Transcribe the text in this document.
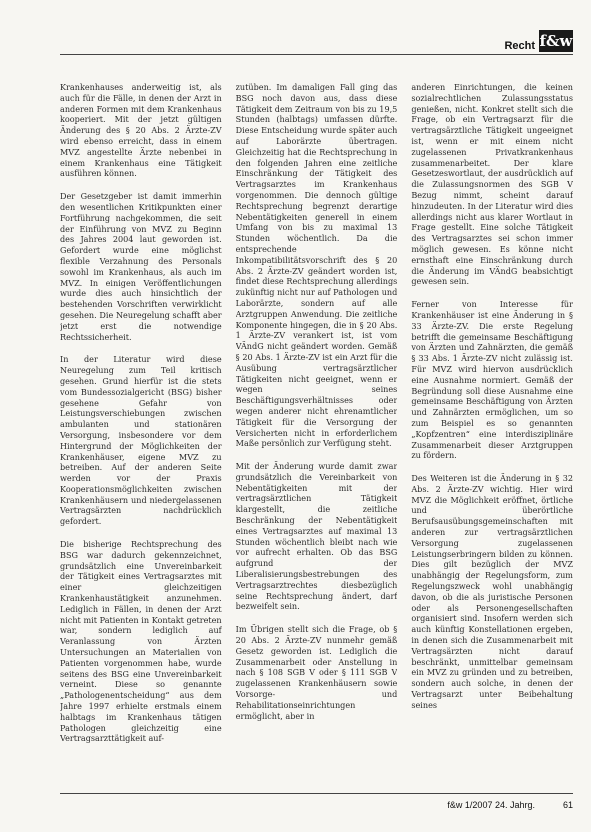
Recht f&w

Krankenhauses anderweitig ist, als auch für die Fälle, in denen der Arzt in anderen Formen mit dem Krankenhaus kooperiert. Mit der jetzt gültigen Änderung des § 20 Abs. 2 Ärzte-ZV wird ebenso erreicht, dass in einem MVZ angestellte Ärzte nebenbei in einem Krankenhaus eine Tätigkeit ausführen können.

Der Gesetzgeber ist damit immerhin den wesentlichen Kritikpunkten einer Fortführung nachgekommen, die seit der Einführung von MVZ zu Beginn des Jahres 2004 laut geworden ist. Gefordert wurde eine möglichst flexible Verzahnung des Personals sowohl im Krankenhaus, als auch im MVZ. In einigen Veröffentlichungen wurde dies auch hinsichtlich der bestehenden Vorschriften verwirklicht gesehen. Die Neuregelung schafft aber jetzt erst die notwendige Rechtssicherheit.

In der Literatur wird diese Neuregelung zum Teil kritisch gesehen. Grund hierfür ist die stets vom Bundessozialgericht (BSG) bisher gesehene Gefahr von Leistungsverschiebungen zwischen ambulanten und stationären Versorgung, insbesondere vor dem Hintergrund der Möglichkeiten der Krankenhäuser, eigene MVZ zu betreiben. Auf der anderen Seite werden vor der Praxis Kooperationsmöglichkeiten zwischen Krankenhäusern und niedergelassenen Vertragsärzten nachdrücklich gefordert.

Die bisherige Rechtsprechung des BSG war dadurch gekennzeichnet, grundsätzlich eine Unvereinbarkeit der Tätigkeit eines Vertragsarztes mit einer gleichzeitigen Krankenhaustätigkeit anzunehmen. Lediglich in Fällen, in denen der Arzt nicht mit Patienten in Kontakt getreten war, sondern lediglich auf Veranlassung von Ärzten Untersuchungen an Materialien von Patienten vorgenommen habe, wurde seitens des BSG eine Unvereinbarkeit verneint. Diese so genannte „Pathologenentscheidung“ aus dem Jahre 1997 erhielte erstmals einem halbtags im Krankenhaus tätigen Pathologen gleichzeitig eine Vertragsarzttätigkeit auf-

zutüben. Im damaligen Fall ging das BSG noch davon aus, dass diese Tätigkeit dem Zeitraum von bis zu 19,5 Stunden (halbtags) umfassen dürfte. Diese Entscheidung wurde später auch auf Laborärzte übertragen. Gleichzeitig hat die Rechtsprechung in den folgenden Jahren eine zeitliche Einschränkung der Tätigkeit des Vertragsarztes im Krankenhaus vorgenommen. Die dennoch gültige Rechtsprechung begrenzt derartige Nebentätigkeiten generell in einem Umfang von bis zu maximal 13 Stunden wöchentlich. Da die entsprechende Inkompatibilitätsvorschrift des § 20 Abs. 2 Ärzte-ZV geändert worden ist, findet diese Rechtsprechung allerdings zukünftig nicht nur auf Pathologen und Laborärzte, sondern auf alle Arztgruppen Anwendung. Die zeitliche Komponente hingegen, die in § 20 Abs. 1 Ärzte-ZV verankert ist, ist vom VÄndG nicht geändert worden. Gemäß § 20 Abs. 1 Ärzte-ZV ist ein Arzt für die Ausübung vertragsärztlicher Tätigkeiten nicht geeignet, wenn er wegen seines Beschäftigungsverhältnisses oder wegen anderer nicht ehrenamtlicher Tätigkeit für die Versorgung der Versicherten nicht in erforderlichem Maße persönlich zur Verfügung steht.

Mit der Änderung wurde damit zwar grundsätzlich die Vereinbarkeit von Nebentätigkeiten mit der vertragsärztlichen Tätigkeit klargestellt, die zeitliche Beschränkung der Nebentätigkeit eines Vertragsarztes auf maximal 13 Stunden wöchentlich bleibt nach wie vor aufrecht erhalten. Ob das BSG aufgrund der Liberalisierungsbestrebungen des Vertragsarztrechtes diesbezüglich seine Rechtsprechung ändert, darf bezweifelt sein.

Im Übrigen stellt sich die Frage, ob § 20 Abs. 2 Ärzte-ZV nunmehr gemäß Gesetz geworden ist. Lediglich die Zusammenarbeit oder Anstellung in nach § 108 SGB V oder § 111 SGB V zugelassenen Krankenhäusern sowie Vorsorge- und Rehabilitationseinrichtungen ermöglicht, aber in

anderen Einrichtungen, die keinen sozialrechtlichen Zulassungsstatus genießen, nicht. Konkret stellt sich die Frage, ob ein Vertragsarzt für die vertragsärztliche Tätigkeit ungeeignet ist, wenn er mit einem nicht zugelassenen Privatkrankenhaus zusammenarbeitet. Der klare Gesetzeswortlaut, der ausdrücklich auf die Zulassungsnormen des SGB V Bezug nimmt, scheint darauf hinzudeuten. In der Literatur wird dies allerdings nicht aus klarer Wortlaut in Frage gestellt. Eine solche Tätigkeit des Vertragsarztes sei schon immer möglich gewesen. Es könne nicht ernsthaft eine Einschränkung durch die Änderung im VÄndG beabsichtigt gewesen sein.

Ferner von Interesse für Krankenhäuser ist eine Änderung in § 33 Ärzte-ZV. Die erste Regelung betrifft die gemeinsame Beschäftigung von Ärzten und Zahnärzten, die gemäß § 33 Abs. 1 Ärzte-ZV nicht zulässig ist. Für MVZ wird hiervon ausdrücklich eine Ausnahme normiert. Gemäß der Begründung soll diese Ausnahme eine gemeinsame Beschäftigung von Ärzten und Zahnärzten ermöglichen, um so zum Beispiel es so genannten „Kopfzentren“ eine interdisziplinäre Zusammenarbeit dieser Arztgruppen zu fördern.

Des Weiteren ist die Änderung in § 32 Abs. 2 Ärzte-ZV wichtig. Hier wird MVZ die Möglichkeit eröffnet, örtliche und überörtliche Berufsausübungsgemeinschaften mit anderen zur vertragsärztlichen Versorgung zugelassenen Leistungserbringern bilden zu können. Dies gilt bezüglich der MVZ unabhängig der Regelungsform, zum Regelungszweck wohl unabhängig davon, ob die als juristische Personen oder als Personengesellschaften organisiert sind. Insofern werden sich auch künftig Konstellationen ergeben, in denen sich die Zusammenarbeit mit Vertragsärzten nicht darauf beschränkt, unmittelbar gemeinsam ein MVZ zu gründen und zu betreiben, sondern auch solche, in denen der Vertragsarzt unter Beibehaltung seines

f&w 1/2007 24. Jahrg.	61
